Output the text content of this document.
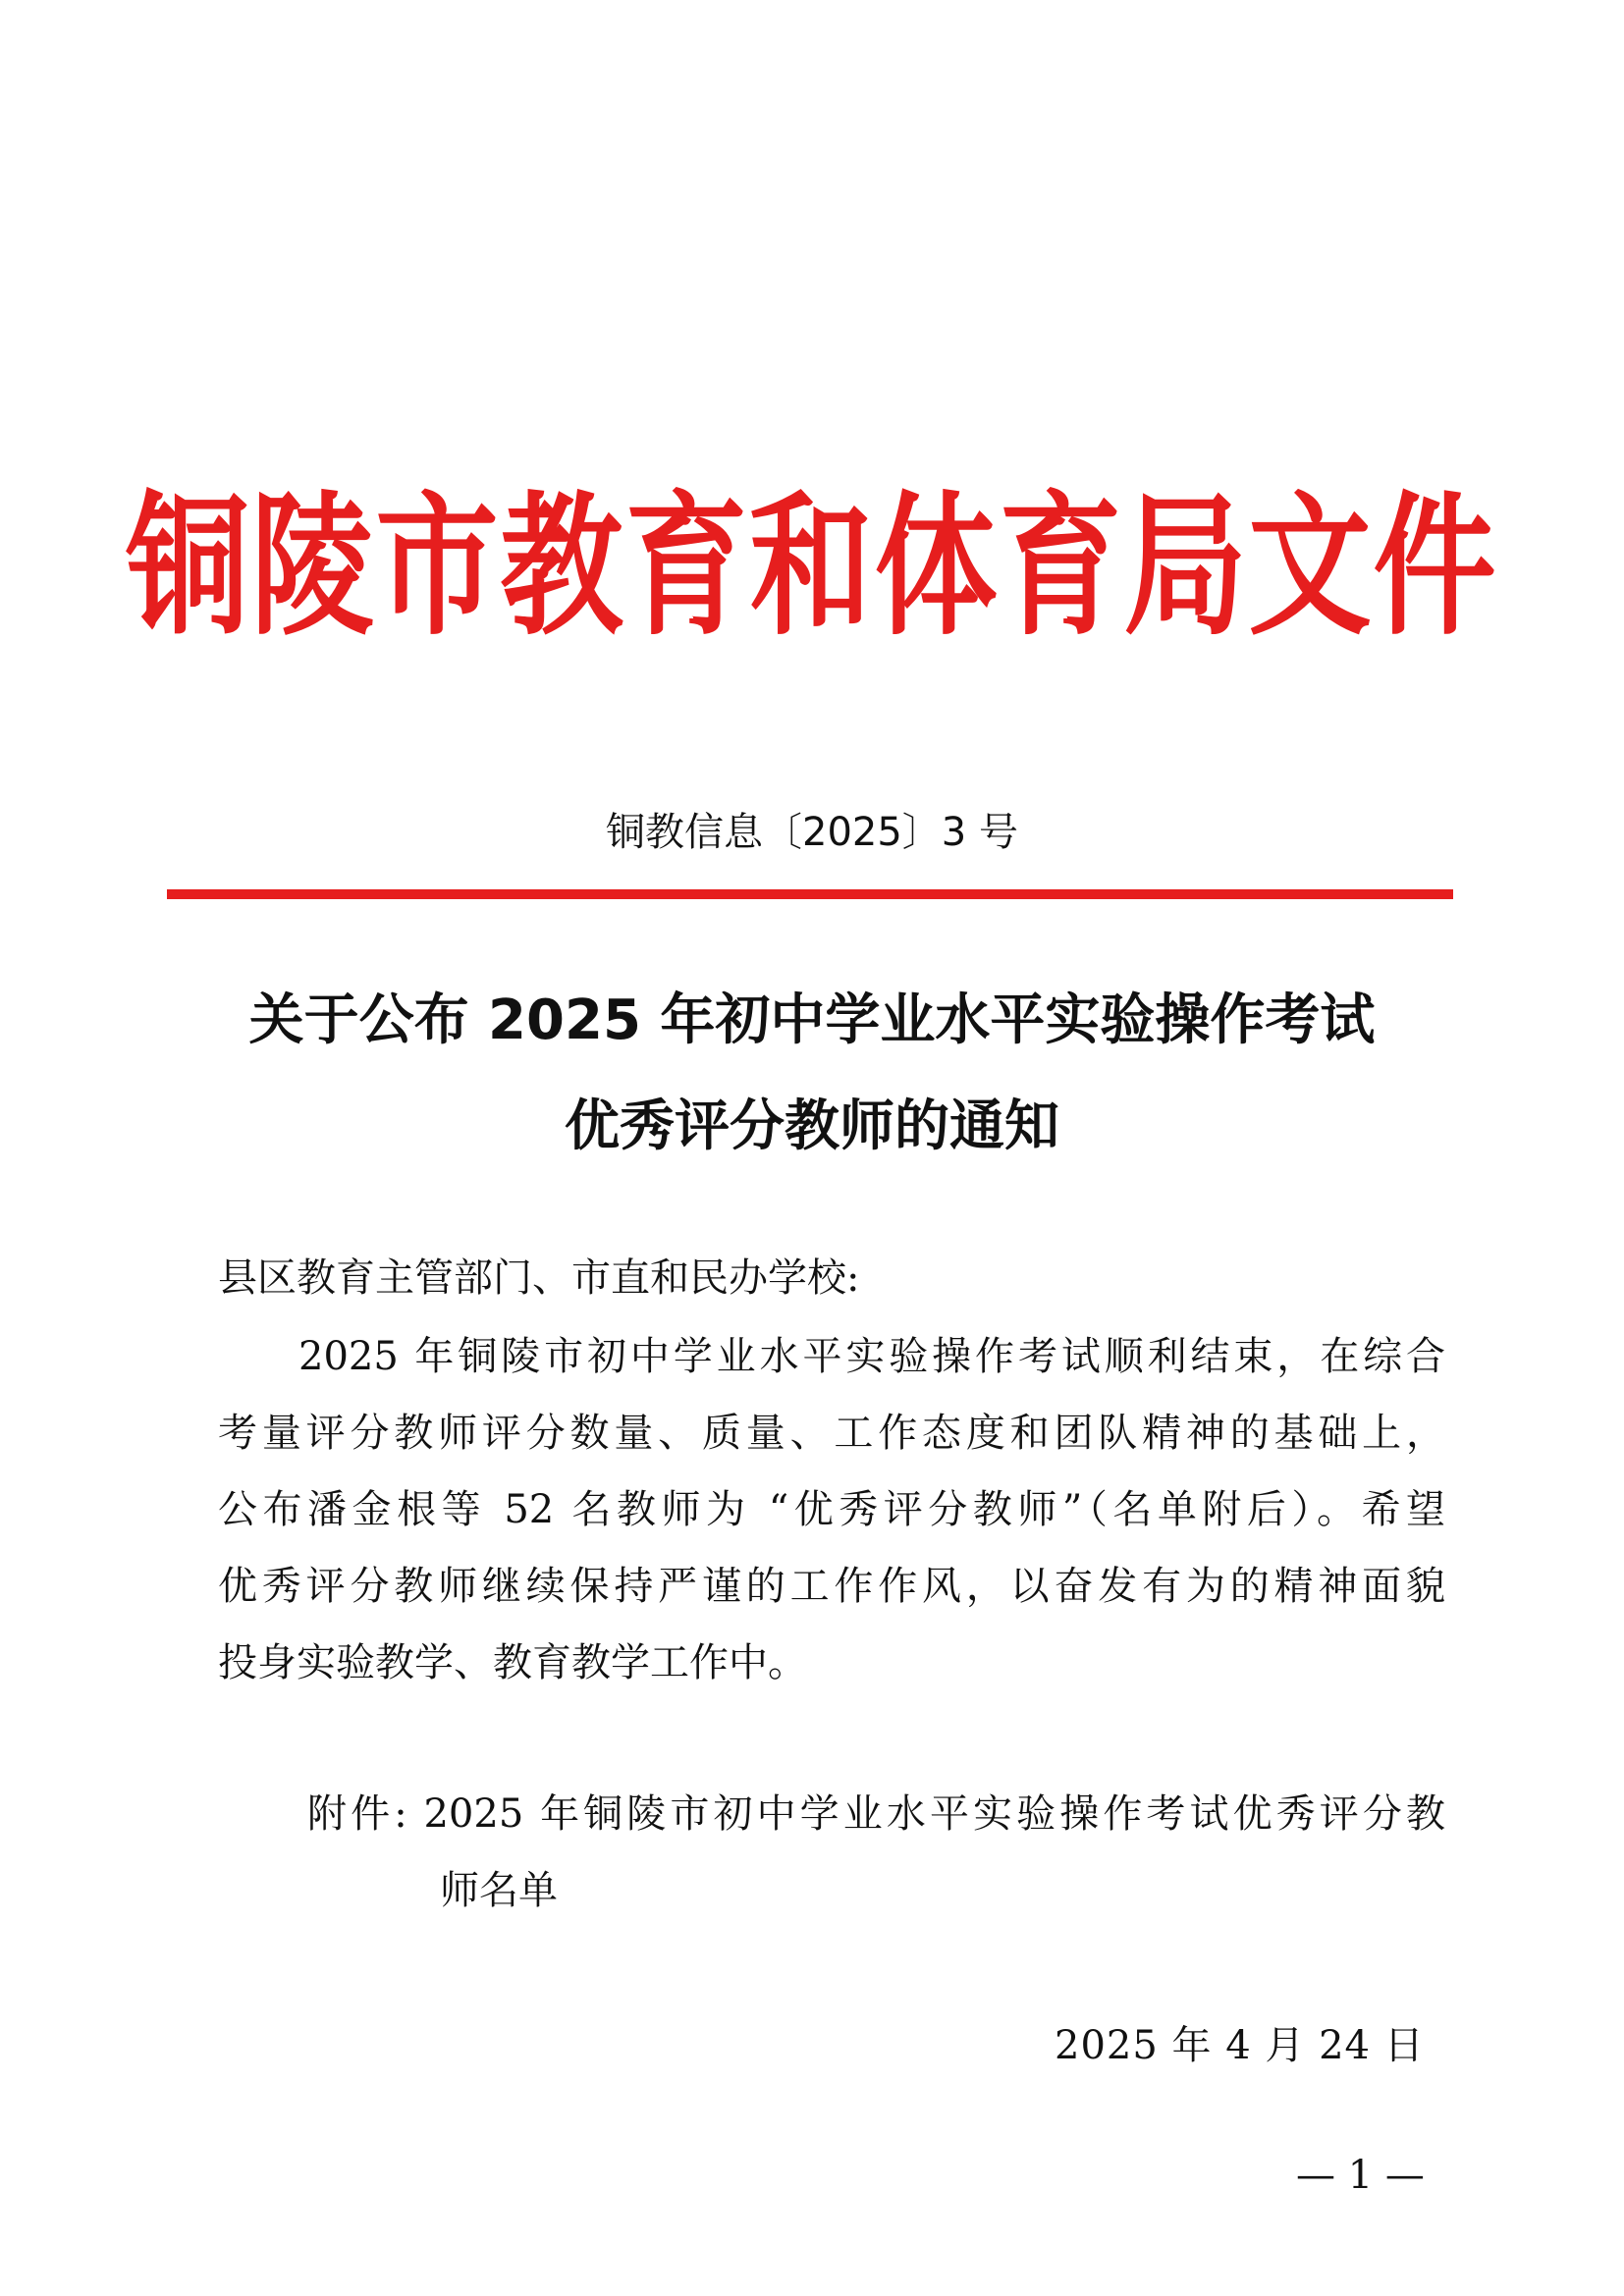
铜陵市教育和体育局文件
铜教信息〔2025〕3 号
关于公布 2025 年初中学业水平实验操作考试
优秀评分教师的通知
县区教育主管部门、市直和民办学校:
2025 年铜陵市初中学业水平实验操作考试顺利结束，在综合
考量评分教师评分数量、质量、工作态度和团队精神的基础上，
公布潘金根等 52 名教师为 “优秀评分教师”（名单附后）。希望
优秀评分教师继续保持严谨的工作作风，以奋发有为的精神面貌
投身实验教学、教育教学工作中。
附件: 2025 年铜陵市初中学业水平实验操作考试优秀评分教
师名单
2025 年 4 月 24 日
— 1 —
